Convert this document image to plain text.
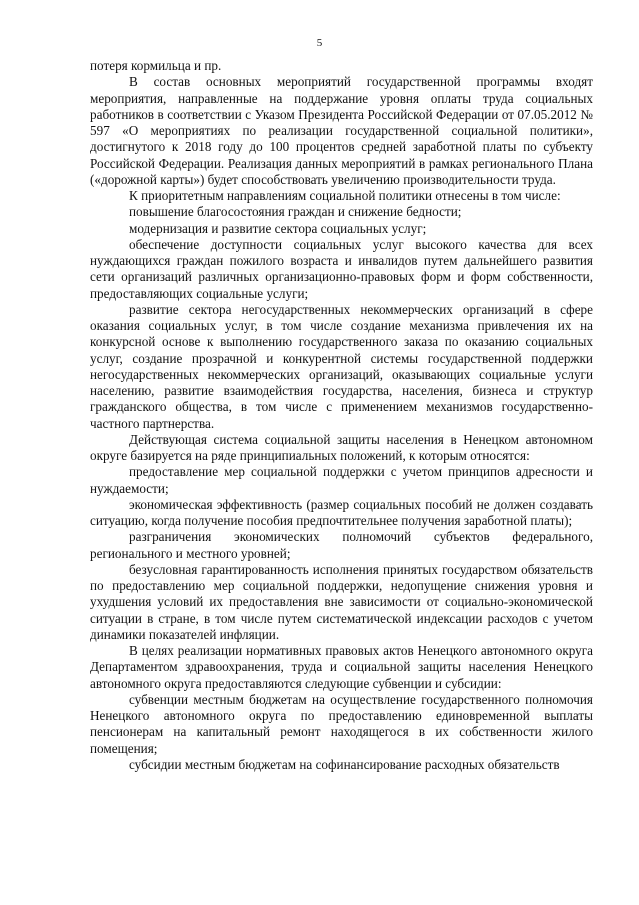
5

потеря кормильца и пр.

В состав основных мероприятий государственной программы входят мероприятия, направленные на поддержание уровня оплаты труда социальных работников в соответствии с Указом Президента Российской Федерации от 07.05.2012 № 597 «О мероприятиях по реализации государственной социальной политики», достигнутого к 2018 году до 100 процентов средней заработной платы по субъекту Российской Федерации. Реализация данных мероприятий в рамках регионального Плана («дорожной карты») будет способствовать увеличению производительности труда.

К приоритетным направлениям социальной политики отнесены в том числе:

повышение благосостояния граждан и снижение бедности;

модернизация и развитие сектора социальных услуг;

обеспечение доступности социальных услуг высокого качества для всех нуждающихся граждан пожилого возраста и инвалидов путем дальнейшего развития сети организаций различных организационно-правовых форм и форм собственности, предоставляющих социальные услуги;

развитие сектора негосударственных некоммерческих организаций в сфере оказания социальных услуг, в том числе создание механизма привлечения их на конкурсной основе к выполнению государственного заказа по оказанию социальных услуг, создание прозрачной и конкурентной системы государственной поддержки негосударственных некоммерческих организаций, оказывающих социальные услуги населению, развитие взаимодействия государства, населения, бизнеса и структур гражданского общества, в том числе с применением механизмов государственно-частного партнерства.

Действующая система социальной защиты населения в Ненецком автономном округе базируется на ряде принципиальных положений, к которым относятся:

предоставление мер социальной поддержки с учетом принципов адресности и нуждаемости;

экономическая эффективность (размер социальных пособий не должен создавать ситуацию, когда получение пособия предпочтительнее получения заработной платы);

разграничения экономических полномочий субъектов федерального, регионального и местного уровней;

безусловная гарантированность исполнения принятых государством обязательств по предоставлению мер социальной поддержки, недопущение снижения уровня и ухудшения условий их предоставления вне зависимости от социально-экономической ситуации в стране, в том числе путем систематической индексации расходов с учетом динамики показателей инфляции.

В целях реализации нормативных правовых актов Ненецкого автономного округа Департаментом здравоохранения, труда и социальной защиты населения Ненецкого автономного округа предоставляются следующие субвенции и субсидии:

субвенции местным бюджетам на осуществление государственного полномочия Ненецкого автономного округа по предоставлению единовременной выплаты пенсионерам на капитальный ремонт находящегося в их собственности жилого помещения;

субсидии местным бюджетам на софинансирование расходных обязательств
